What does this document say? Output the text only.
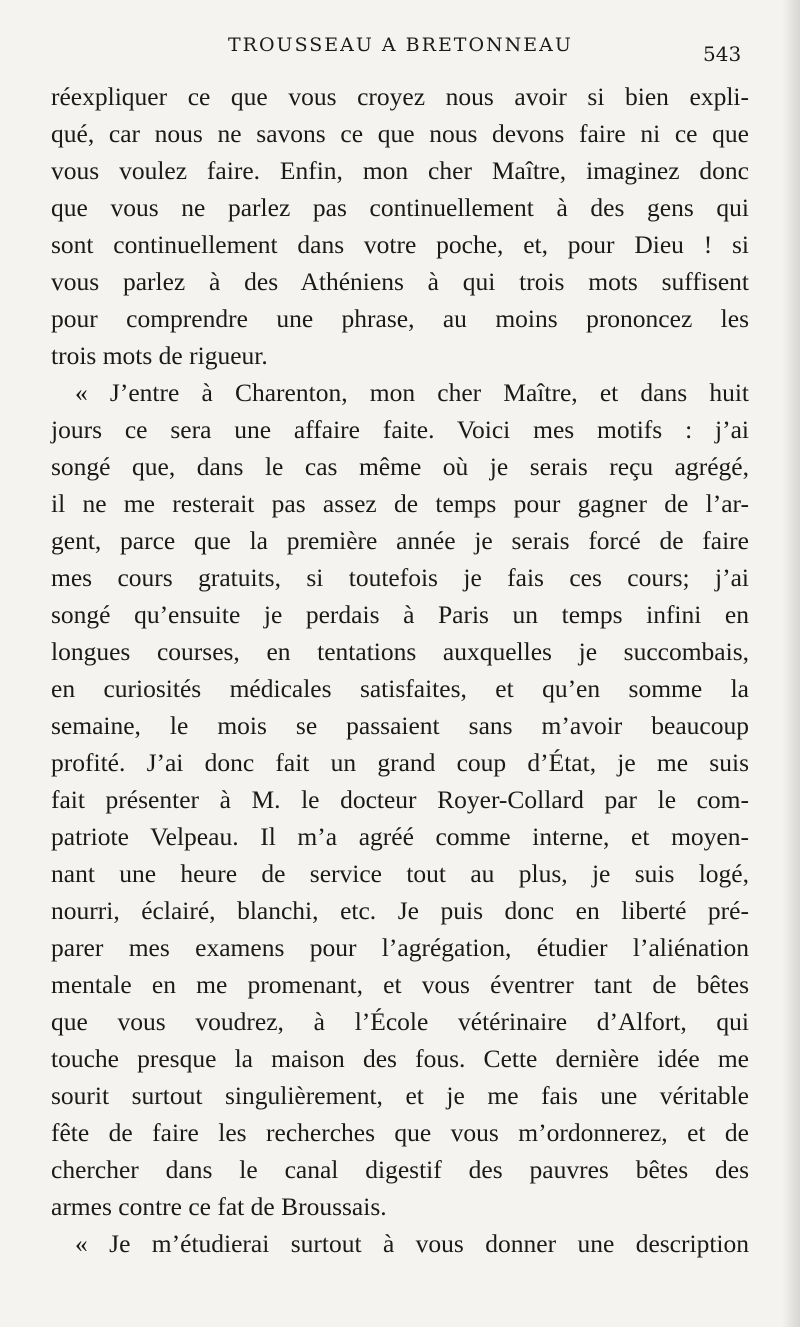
TROUSSEAU A BRETONNEAU	543
réexpliquer ce que vous croyez nous avoir si bien expli-
qué, car nous ne savons ce que nous devons faire ni ce que
vous voulez faire. Enfin, mon cher Maître, imaginez donc
que vous ne parlez pas continuellement à des gens qui
sont continuellement dans votre poche, et, pour Dieu ! si
vous parlez à des Athéniens à qui trois mots suffisent
pour comprendre une phrase, au moins prononcez les
trois mots de rigueur.
« J’entre à Charenton, mon cher Maître, et dans huit
jours ce sera une affaire faite. Voici mes motifs : j’ai
songé que, dans le cas même où je serais reçu agrégé,
il ne me resterait pas assez de temps pour gagner de l’ar-
gent, parce que la première année je serais forcé de faire
mes cours gratuits, si toutefois je fais ces cours; j’ai
songé qu’ensuite je perdais à Paris un temps infini en
longues courses, en tentations auxquelles je succombais,
en curiosités médicales satisfaites, et qu’en somme la
semaine, le mois se passaient sans m’avoir beaucoup
profité. J’ai donc fait un grand coup d’État, je me suis
fait présenter à M. le docteur Royer-Collard par le com-
patriote Velpeau. Il m’a agréé comme interne, et moyen-
nant une heure de service tout au plus, je suis logé,
nourri, éclairé, blanchi, etc. Je puis donc en liberté pré-
parer mes examens pour l’agrégation, étudier l’aliénation
mentale en me promenant, et vous éventrer tant de bêtes
que vous voudrez, à l’École vétérinaire d’Alfort, qui
touche presque la maison des fous. Cette dernière idée me
sourit surtout singulièrement, et je me fais une véritable
fête de faire les recherches que vous m’ordonnerez, et de
chercher dans le canal digestif des pauvres bêtes des
armes contre ce fat de Broussais.
« Je m’étudierai surtout à vous donner une description
